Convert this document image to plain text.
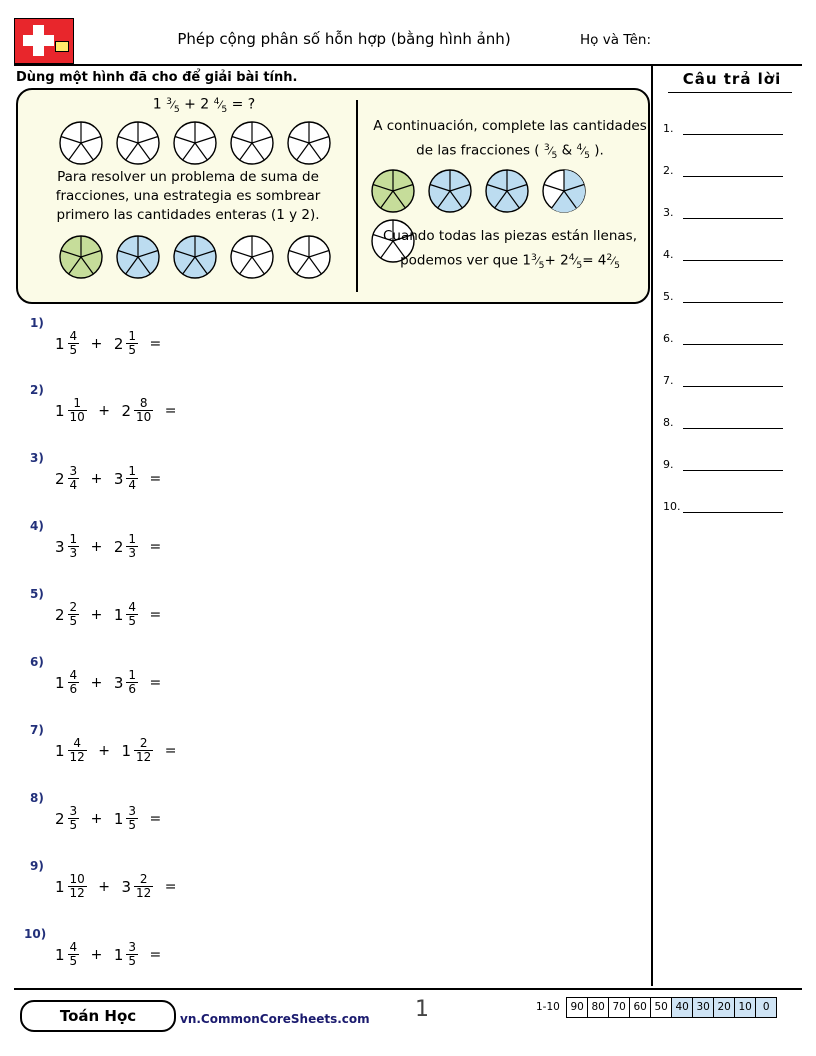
Phép cộng phân số hỗn hợp (bằng hình ảnh)	Họ và Tên:
Dùng một hình đã cho để giải bài tính.	Câu trả lời
1.
2.
3.
4.
5.
6.
7.
8.
9.
10.
1 $^3⁄_5 + 2$ $^4⁄_5$ = ?

Para resolver un problema de suma de fracciones, una estrategia es sombrear primero las cantidades enteras (1 y 2).

A continuación, complete las cantidades
de las fracciones ( $^3⁄_5$ & $^4⁄_5$ ).

Cuando todas las piezas están llenas,
podemos ver que $1^3⁄_5+$ $2^4⁄_5=$ $4^2⁄_5$
1)
$1 \frac{4}{5} + 2 \frac{1}{5}$ =
2)
$1 \frac{1}{10} + 2 \frac{8}{10}$ =
3)
$2 \frac{3}{4} + 3 \frac{1}{4}$ =
4)
$3 \frac{1}{3} + 2 \frac{1}{3}$ =
5)
$2 \frac{2}{5} + 1 \frac{4}{5}$ =
6)
$1 \frac{4}{6} + 3 \frac{1}{6}$ =
7)
$1 \frac{4}{12} + 1 \frac{2}{12}$ =
8)
$2 \frac{3}{5} + 1 \frac{3}{5}$ =
9)
$1 \frac{10}{12} + 3 \frac{2}{12}$ =
10)
$1 \frac{4}{5} + 1 \frac{3}{5}$ =
Toán Học	vn.CommonCoreSheets.com 1	1-10 90 80 70 60 50 40 30 20 10 0
